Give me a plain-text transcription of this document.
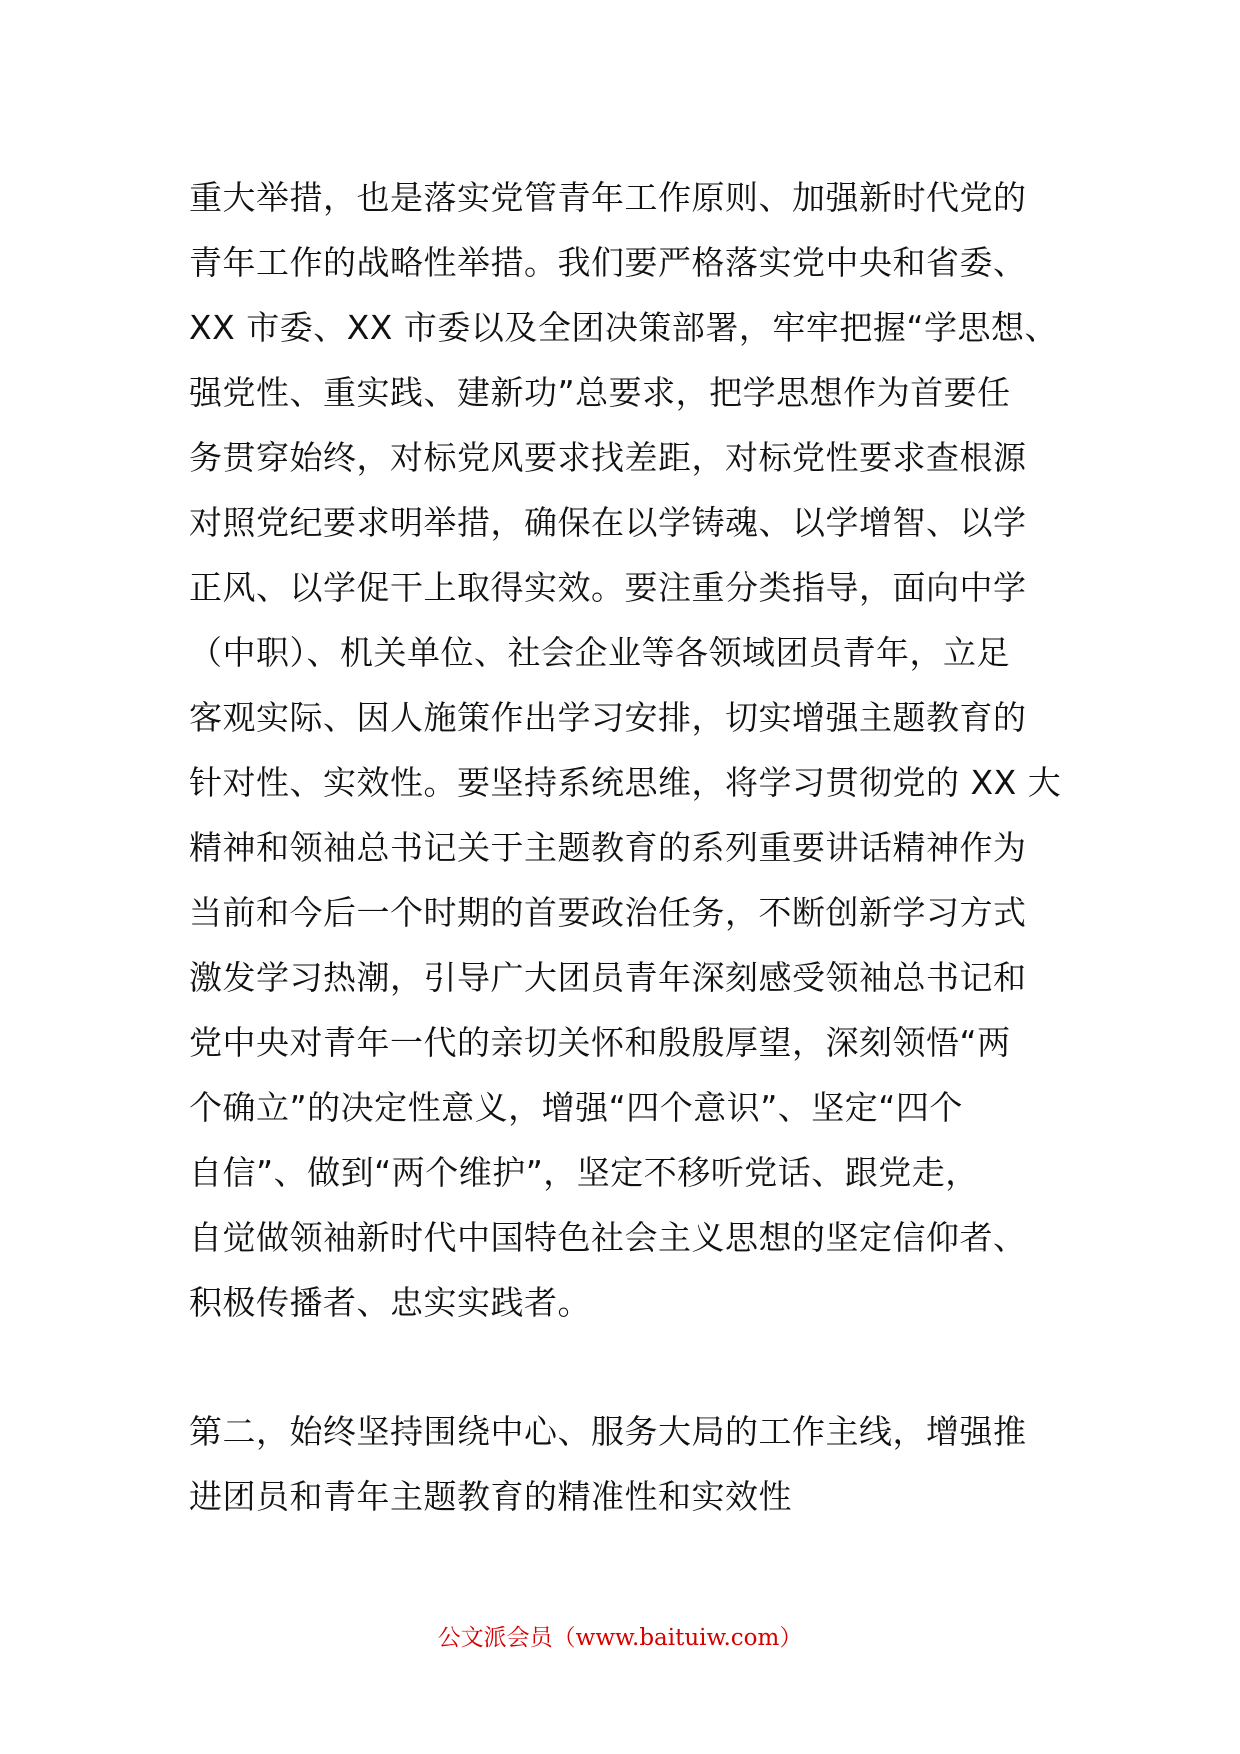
重大举措，也是落实党管青年工作原则、加强新时代党的
青年工作的战略性举措。我们要严格落实党中央和省委、
XX 市委、XX 市委以及全团决策部署，牢牢把握“学思想、
强党性、重实践、建新功”总要求，把学思想作为首要任
务贯穿始终，对标党风要求找差距，对标党性要求查根源
对照党纪要求明举措，确保在以学铸魂、以学增智、以学
正风、以学促干上取得实效。要注重分类指导，面向中学
（中职）、机关单位、社会企业等各领域团员青年，立足
客观实际、因人施策作出学习安排，切实增强主题教育的
针对性、实效性。要坚持系统思维，将学习贯彻党的 XX 大
精神和领袖总书记关于主题教育的系列重要讲话精神作为
当前和今后一个时期的首要政治任务，不断创新学习方式
激发学习热潮，引导广大团员青年深刻感受领袖总书记和
党中央对青年一代的亲切关怀和殷殷厚望，深刻领悟“两
个确立”的决定性意义，增强“四个意识”、坚定“四个
自信”、做到“两个维护”，坚定不移听党话、跟党走，
自觉做领袖新时代中国特色社会主义思想的坚定信仰者、
积极传播者、忠实实践者。
第二，始终坚持围绕中心、服务大局的工作主线，增强推
进团员和青年主题教育的精准性和实效性
公文派会员（www.baituiw.com）
